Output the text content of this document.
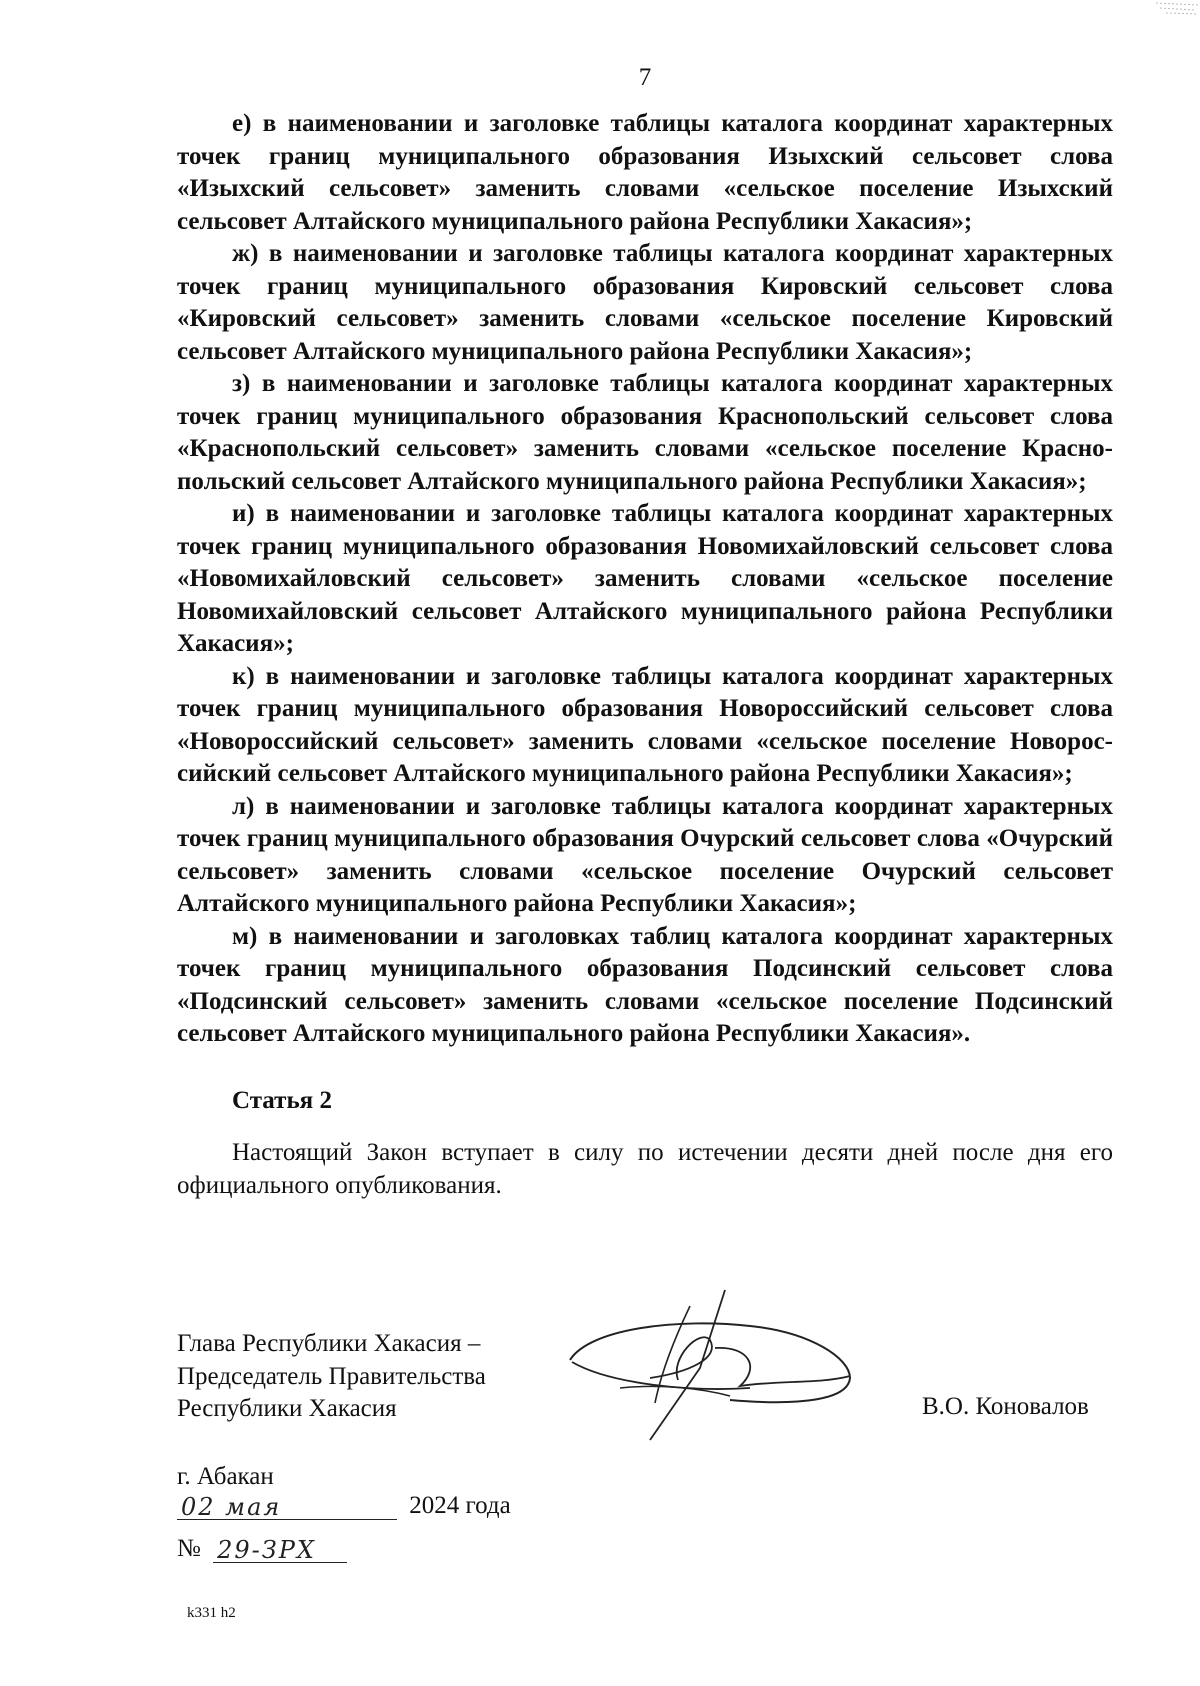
7

е) в наименовании и заголовке таблицы каталога координат характерных точек границ муниципального образования Изыхский сельсовет слова «Изыхский сельсовет» заменить словами «сельское поселение Изыхский сельсовет Алтайского муниципального района Республики Хакасия»;

ж) в наименовании и заголовке таблицы каталога координат характерных точек границ муниципального образования Кировский сельсовет слова «Кировский сельсовет» заменить словами «сельское поселение Кировский сельсовет Алтайского муниципального района Республики Хакасия»;

з) в наименовании и заголовке таблицы каталога координат характерных точек границ муниципального образования Краснопольский сельсовет слова «Краснопольский сельсовет» заменить словами «сельское поселение Краснопольский сельсовет Алтайского муниципального района Республики Хакасия»;

и) в наименовании и заголовке таблицы каталога координат характерных точек границ муниципального образования Новомихайловский сельсовет слова «Новомихайловский сельсовет» заменить словами «сельское поселение Новомихайловский сельсовет Алтайского муниципального района Республики Хакасия»;

к) в наименовании и заголовке таблицы каталога координат характерных точек границ муниципального образования Новороссийский сельсовет слова «Новороссийский сельсовет» заменить словами «сельское поселение Новороссийский сельсовет Алтайского муниципального района Республики Хакасия»;

л) в наименовании и заголовке таблицы каталога координат характерных точек границ муниципального образования Очурский сельсовет слова «Очурский сельсовет» заменить словами «сельское поселение Очурский сельсовет Алтайского муниципального района Республики Хакасия»;

м) в наименовании и заголовках таблиц каталога координат характерных точек границ муниципального образования Подсинский сельсовет слова «Подсинский сельсовет» заменить словами «сельское поселение Подсинский сельсовет Алтайского муниципального района Республики Хакасия».

Статья 2

Настоящий Закон вступает в силу по истечении десяти дней после дня его официального опубликования.

Глава Республики Хакасия –
Председатель Правительства
Республики Хакасия	В.О. Коновалов
г. Абакан
02 мая	2024 года
№ 29-ЗРХ
k331 h2
